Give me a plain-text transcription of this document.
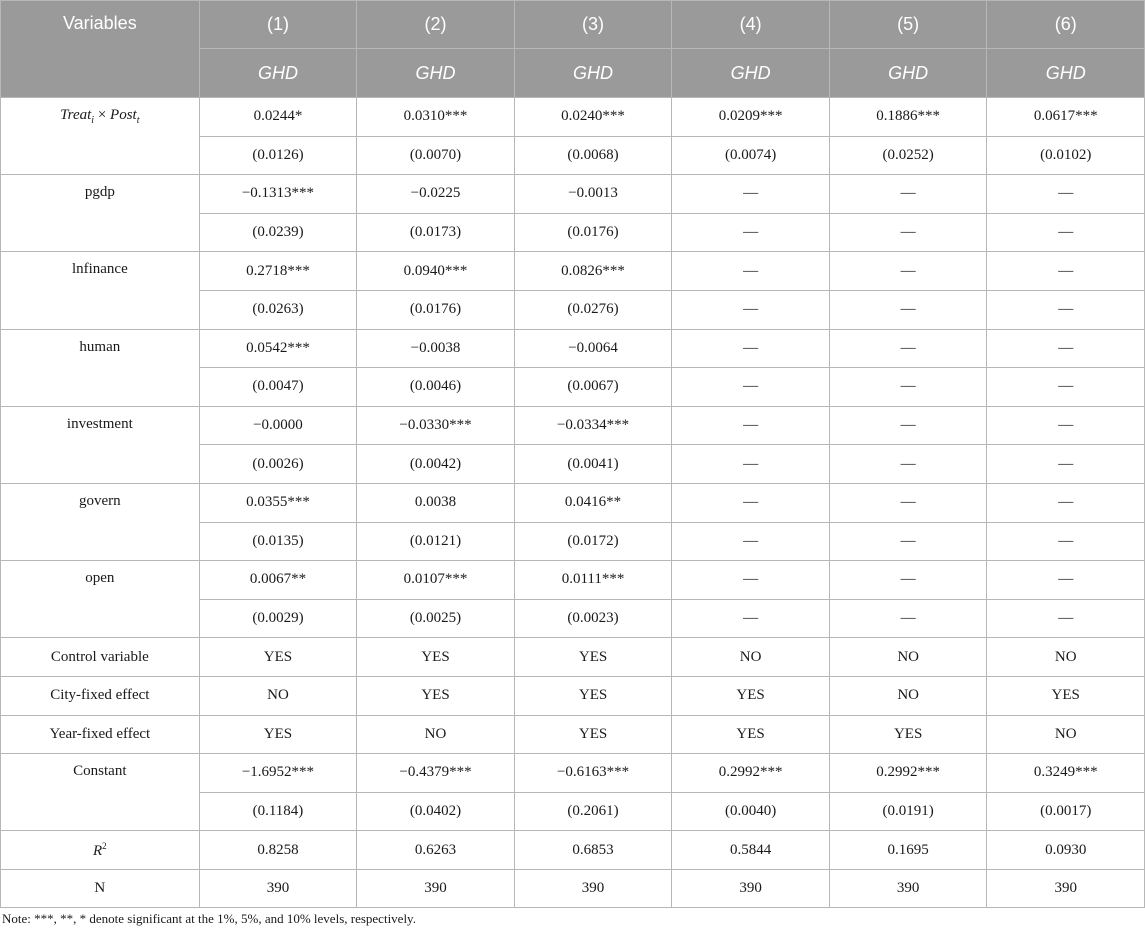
Variables	(1)	(2)	(3)	(4)	(5)	(6)
	GHD	GHD	GHD	GHD	GHD	GHD
Treat$_i$ × Post$_t$	0.0244*	0.0310***	0.0240***	0.0209***	0.1886***	0.0617***
	(0.0126)	(0.0070)	(0.0068)	(0.0074)	(0.0252)	(0.0102)
pgdp	−0.1313***	−0.0225	−0.0013	—	—	—
	(0.0239)	(0.0173)	(0.0176)	—	—	—
lnfinance	0.2718***	0.0940***	0.0826***	—	—	—
	(0.0263)	(0.0176)	(0.0276)	—	—	—
human	0.0542***	−0.0038	−0.0064	—	—	—
	(0.0047)	(0.0046)	(0.0067)	—	—	—
investment	−0.0000	−0.0330***	−0.0334***	—	—	—
	(0.0026)	(0.0042)	(0.0041)	—	—	—
govern	0.0355***	0.0038	0.0416**	—	—	—
	(0.0135)	(0.0121)	(0.0172)	—	—	—
open	0.0067**	0.0107***	0.0111***	—	—	—
	(0.0029)	(0.0025)	(0.0023)	—	—	—
Control variable	YES	YES	YES	NO	NO	NO
City-fixed effect	NO	YES	YES	YES	NO	YES
Year-fixed effect	YES	NO	YES	YES	YES	NO
Constant	−1.6952***	−0.4379***	−0.6163***	0.2992***	0.2992***	0.3249***
	(0.1184)	(0.0402)	(0.2061)	(0.0040)	(0.0191)	(0.0017)
$R^2$	0.8258	0.6263	0.6853	0.5844	0.1695	0.0930
N	390	390	390	390	390	390
Note: ***, **, * denote significant at the 1%, 5%, and 10% levels, respectively.
